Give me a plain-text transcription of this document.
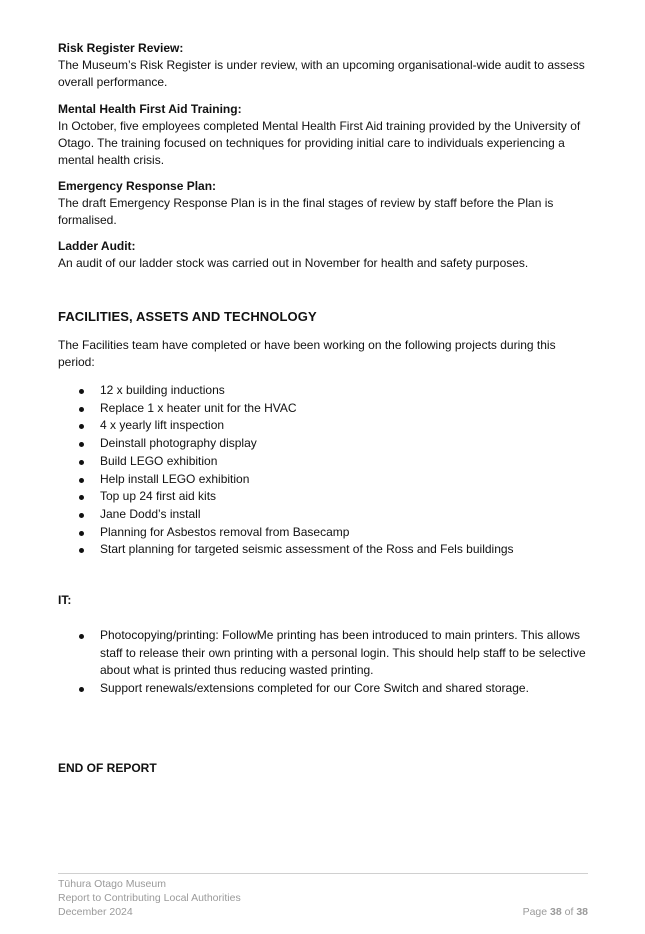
Risk Register Review:

The Museum’s Risk Register is under review, with an upcoming organisational-wide audit to assess overall performance.

Mental Health First Aid Training:

In October, five employees completed Mental Health First Aid training provided by the University of Otago. The training focused on techniques for providing initial care to individuals experiencing a mental health crisis.

Emergency Response Plan:

The draft Emergency Response Plan is in the final stages of review by staff before the Plan is formalised.

Ladder Audit:

An audit of our ladder stock was carried out in November for health and safety purposes.

FACILITIES, ASSETS AND TECHNOLOGY

The Facilities team have completed or have been working on the following projects during this period:

12 x building inductions
Replace 1 x heater unit for the HVAC
4 x yearly lift inspection
Deinstall photography display
Build LEGO exhibition
Help install LEGO exhibition
Top up 24 first aid kits
Jane Dodd’s install
Planning for Asbestos removal from Basecamp
Start planning for targeted seismic assessment of the Ross and Fels buildings

IT:

Photocopying/printing: FollowMe printing has been introduced to main printers. This allows staff to release their own printing with a personal login. This should help staff to be selective about what is printed thus reducing wasted printing.
Support renewals/extensions completed for our Core Switch and shared storage.

END OF REPORT

Tūhura Otago Museum
Report to Contributing Local Authorities
December 2024	Page 38 of 38
